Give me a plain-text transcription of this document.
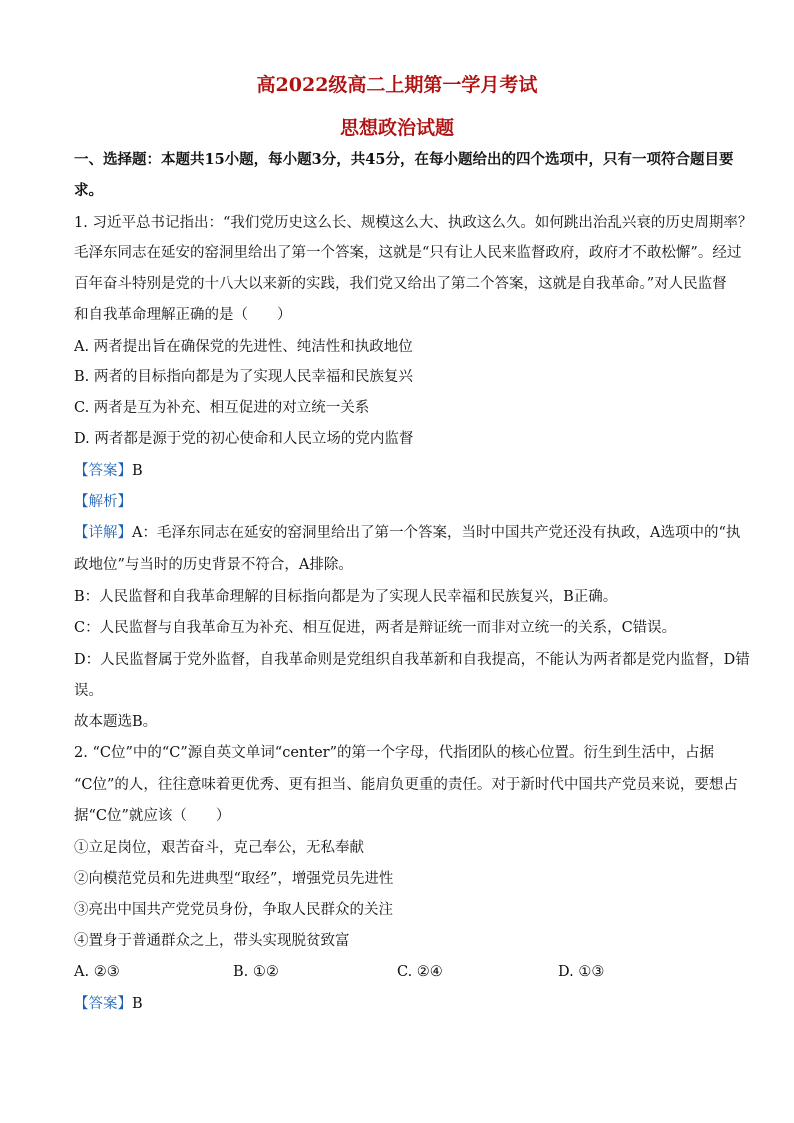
高2022级高二上期第一学月考试
思想政治试题
一、选择题：本题共15小题，每小题3分，共45分，在每小题给出的四个选项中，只有一项符合题目要
求。
1. 习近平总书记指出：“我们党历史这么长、规模这么大、执政这么久。如何跳出治乱兴衰的历史周期率？
毛泽东同志在延安的窑洞里给出了第一个答案，这就是“只有让人民来监督政府，政府才不敢松懈”。经过
百年奋斗特别是党的十八大以来新的实践，我们党又给出了第二个答案，这就是自我革命。”对人民监督
和自我革命理解正确的是（　　）
A. 两者提出旨在确保党的先进性、纯洁性和执政地位
B. 两者的目标指向都是为了实现人民幸福和民族复兴
C. 两者是互为补充、相互促进的对立统一关系
D. 两者都是源于党的初心使命和人民立场的党内监督
【答案】B
【解析】
【详解】A：毛泽东同志在延安的窑洞里给出了第一个答案，当时中国共产党还没有执政，A选项中的“执
政地位”与当时的历史背景不符合，A排除。
B：人民监督和自我革命理解的目标指向都是为了实现人民幸福和民族复兴，B正确。
C：人民监督与自我革命互为补充、相互促进，两者是辩证统一而非对立统一的关系，C错误。
D：人民监督属于党外监督，自我革命则是党组织自我革新和自我提高，不能认为两者都是党内监督，D错
误。
故本题选B。
2. “C位”中的“C”源自英文单词“center”的第一个字母，代指团队的核心位置。衍生到生活中，占据
“C位”的人，往往意味着更优秀、更有担当、能肩负更重的责任。对于新时代中国共产党员来说，要想占
据“C位”就应该（　　）
①立足岗位，艰苦奋斗，克己奉公，无私奉献
②向模范党员和先进典型“取经”，增强党员先进性
③亮出中国共产党党员身份，争取人民群众的关注
④置身于普通群众之上，带头实现脱贫致富
A. ②③	B. ①②	C. ②④	D. ①③
【答案】B
